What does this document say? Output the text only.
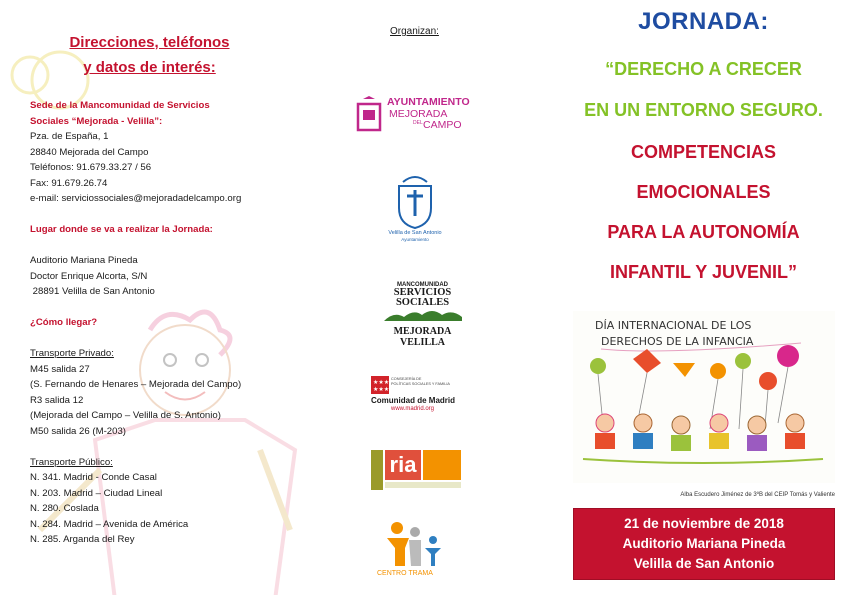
Direcciones, teléfonos
y datos de interés:
Sede de la Mancomunidad de Servicios
Sociales “Mejorada - Velilla”:
Pza. de España, 1
28840 Mejorada del Campo
Teléfonos: 91.679.33.27 / 56
Fax: 91.679.26.74
e-mail: serviciossociales@mejoradadelcampo.org
Lugar donde se va a realizar la Jornada:
Auditorio Mariana Pineda
Doctor Enrique Alcorta, S/N
28891 Velilla de San Antonio
¿Cómo llegar?
Transporte Privado:
M45 salida 27
(S. Fernando de Henares – Mejorada del Campo)
R3 salida 12
(Mejorada del Campo – Velilla de S. Antonio)
M50 salida 26 (M-203)
Transporte Público:
N. 341. Madrid - Conde Casal
N. 203. Madrid – Ciudad Lineal
N. 280. Coslada
N. 284. Madrid – Avenida de América
N. 285. Arganda del Rey
Organizan:
AYUNTAMIENTO
MEJORADA
DEL CAMPO
Velilla de San Antonio
Ayuntamiento
MANCOMUNIDAD
SERVICIOS
SOCIALES
MEJORADA
VELILLA
★★★
★★★
CONSEJERÍA DE
POLÍTICAS SOCIALES Y FAMILIA
Comunidad de Madrid
www.madrid.org
ria
CENTRO TRAMA
JORNADA:
“DERECHO A CRECER
EN UN ENTORNO SEGURO.
COMPETENCIAS
EMOCIONALES
PARA LA AUTONOMÍA
INFANTIL Y JUVENIL”
DÍA INTERNACIONAL DE LOS
DERECHOS DE LA INFANCIA
Alba Escudero Jiménez de 3ºB del CEIP Tomás y Valiente
21 de noviembre de 2018
Auditorio Mariana Pineda
Velilla de San Antonio
